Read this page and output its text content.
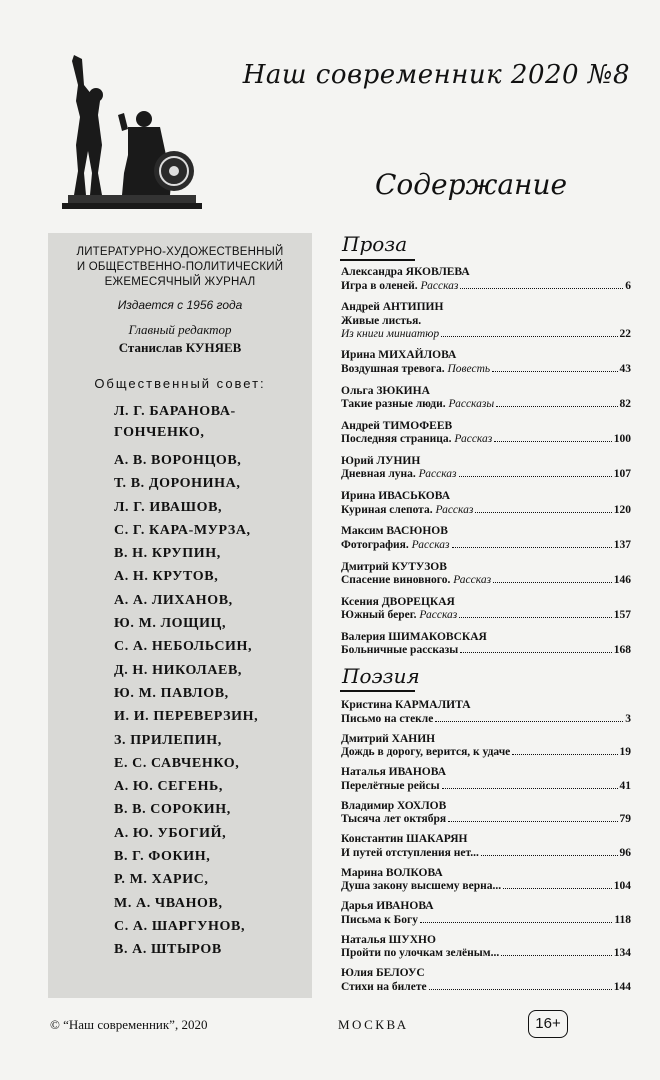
Наш современник 2020 №8
Содержание
ЛИТЕРАТУРНО-ХУДОЖЕСТВЕННЫЙ
И ОБЩЕСТВЕННО-ПОЛИТИЧЕСКИЙ
ЕЖЕМЕСЯЧНЫЙ ЖУРНАЛ
Издается с 1956 года
Главный редактор
Станислав КУНЯЕВ
Общественный совет:
Л. Г. БАРАНОВА-ГОНЧЕНКО,
А. В. ВОРОНЦОВ,
Т. В. ДОРОНИНА,
Л. Г. ИВАШОВ,
С. Г. КАРА-МУРЗА,
В. Н. КРУПИН,
А. Н. КРУТОВ,
А. А. ЛИХАНОВ,
Ю. М. ЛОЩИЦ,
С. А. НЕБОЛЬСИН,
Д. Н. НИКОЛАЕВ,
Ю. М. ПАВЛОВ,
И. И. ПЕРЕВЕРЗИН,
З. ПРИЛЕПИН,
Е. С. САВЧЕНКО,
А. Ю. СЕГЕНЬ,
В. В. СОРОКИН,
А. Ю. УБОГИЙ,
В. Г. ФОКИН,
Р. М. ХАРИС,
М. А. ЧВАНОВ,
С. А. ШАРГУНОВ,
В. А. ШТЫРОВ
Проза
Александра ЯКОВЛЕВА
Игра в оленей. Рассказ	6
Андрей АНТИПИН
Живые листья.
Из книги миниатюр	22
Ирина МИХАЙЛОВА
Воздушная тревога. Повесть	43
Ольга ЗЮКИНА
Такие разные люди. Рассказы	82
Андрей ТИМОФЕЕВ
Последняя страница. Рассказ	100
Юрий ЛУНИН
Дневная луна. Рассказ	107
Ирина ИВАСЬКОВА
Куриная слепота. Рассказ	120
Максим ВАСЮНОВ
Фотография. Рассказ	137
Дмитрий КУТУЗОВ
Спасение виновного. Рассказ	146
Ксения ДВОРЕЦКАЯ
Южный берег. Рассказ	157
Валерия ШИМАКОВСКАЯ
Больничные рассказы	168
Поэзия
Кристина КАРМАЛИТА
Письмо на стекле	3
Дмитрий ХАНИН
Дождь в дорогу, верится, к удаче	19
Наталья ИВАНОВА
Перелётные рейсы	41
Владимир ХОХЛОВ
Тысяча лет октября	79
Константин ШАКАРЯН
И путей отступления нет...	96
Марина ВОЛКОВА
Душа закону высшему верна...	104
Дарья ИВАНОВА
Письма к Богу	118
Наталья ШУХНО
Пройти по улочкам зелёным...	134
Юлия БЕЛОУС
Стихи на билете	144
© “Наш современник”, 2020	МОСКВА	16+
